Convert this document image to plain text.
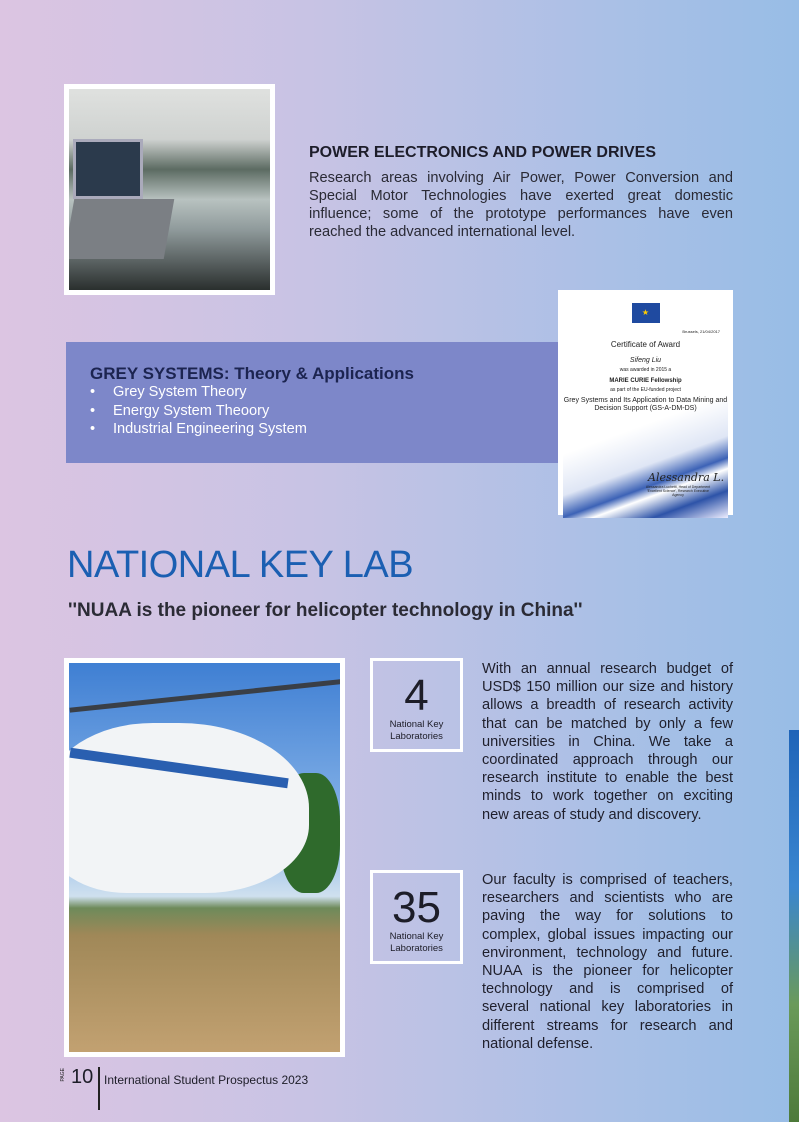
POWER ELECTRONICS AND POWER DRIVES
Research areas involving Air Power, Power Conversion and Special Motor Technologies have exerted great domestic influence; some of the prototype performances have even reached the advanced international level.
GREY SYSTEMS: Theory & Applications
• Grey System Theory
• Energy System Theoory
• Industrial Engineering System
★
Brussels, 21/04/2017
Certificate of Award
Sifeng Liu
was awarded in 2015 a
MARIE CURIE Fellowship
as part of the EU-funded project
Grey Systems and Its Application to Data Mining and Decision Support (GS-A-DM-DS)
Alessandra L.
Alessandra Luchetti, Head of Department 'Excellent Science', Research Executive Agency
NATIONAL KEY LAB
''NUAA is the pioneer for helicopter technology in China''
4
National Key Laboratories
35
National Key Laboratories
With an annual research budget of USD$ 150 million our size and history allows a breadth of research activity that can be matched by only a few universities in China. We take a coordinated approach through our research institute to enable the best minds to work together on exciting new areas of study and discovery.
Our faculty is comprised of teachers, researchers and scientists who are paving the way for solutions to complex, global issues impacting our environment, technology and future. NUAA is the pioneer for helicopter technology and is comprised of several national key laboratories in different streams for research and national defense.
PAGE 10 International Student Prospectus 2023
